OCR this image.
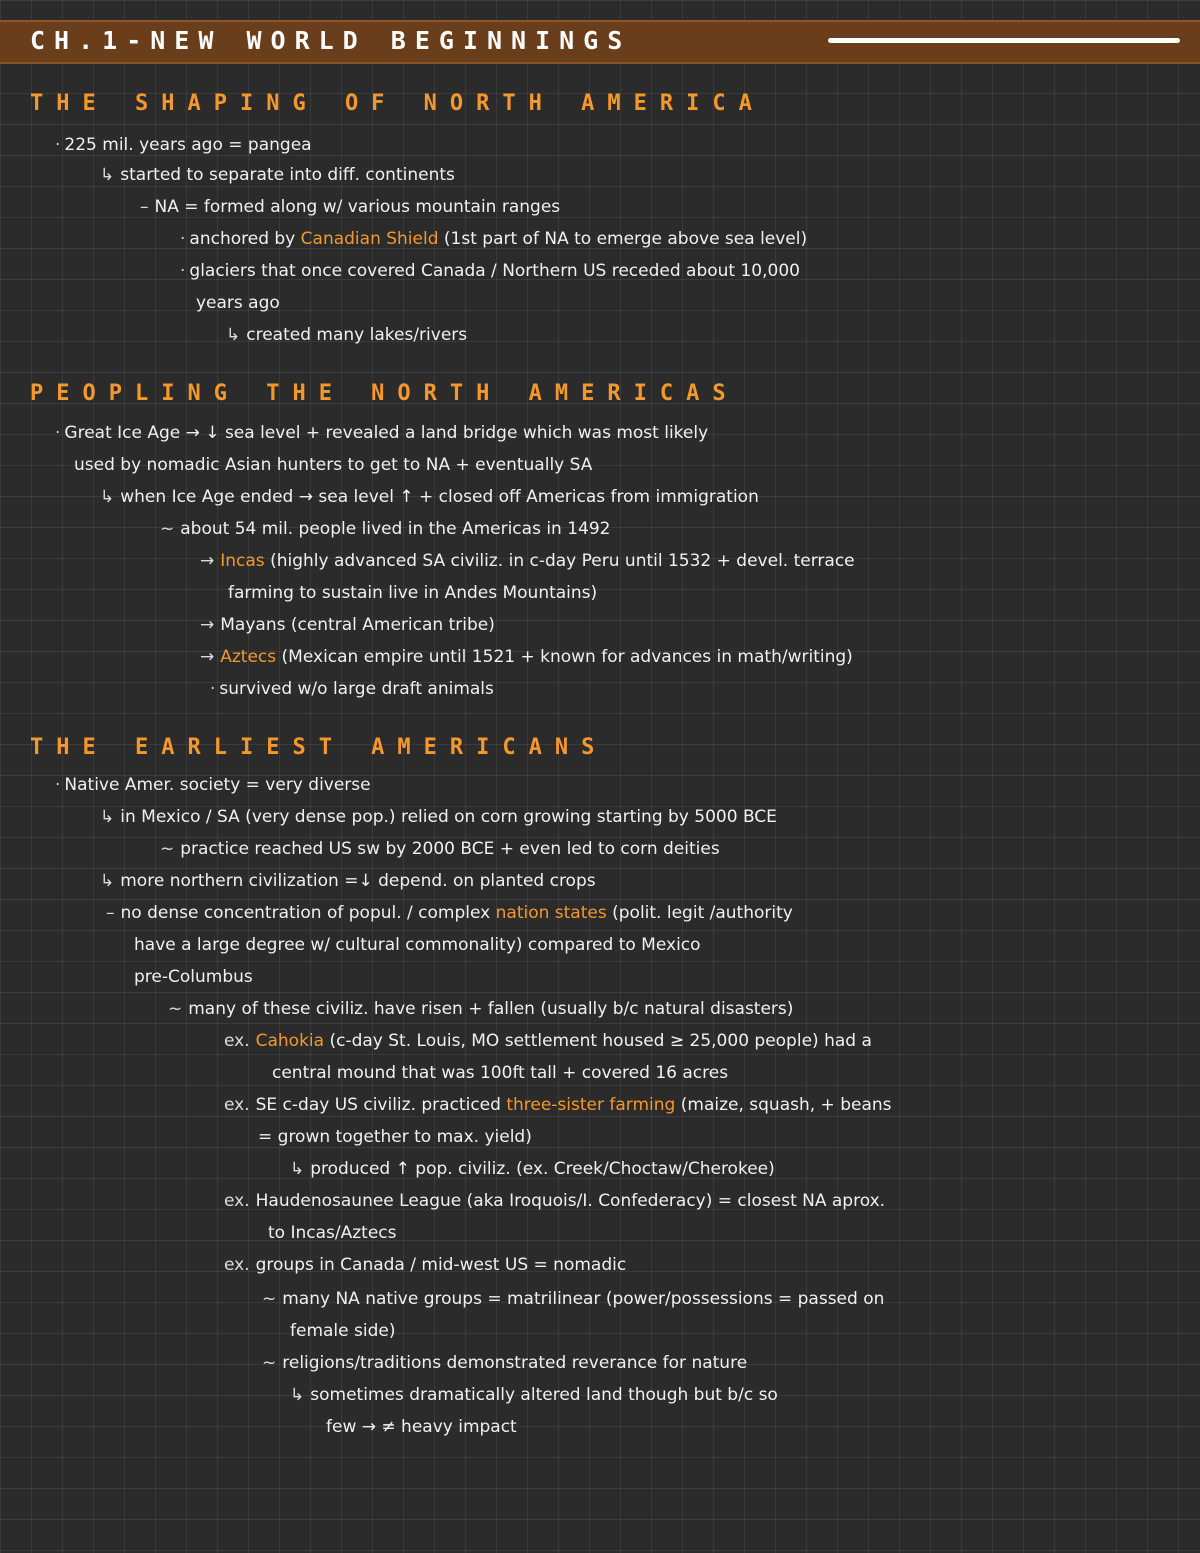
CH.1-NEW WORLD BEGINNINGS
THE SHAPING OF NORTH AMERICA
· 225 mil. years ago = pangea
↳ started to separate into diff. continents
– NA = formed along w/ various mountain ranges
· anchored by Canadian Shield (1st part of NA to emerge above sea level)
· glaciers that once covered Canada / Northern US receded about 10,000
years ago
↳ created many lakes/rivers
PEOPLING THE NORTH AMERICAS
· Great Ice Age → ↓ sea level + revealed a land bridge which was most likely
used by nomadic Asian hunters to get to NA + eventually SA
↳ when Ice Age ended → sea level ↑ + closed off Americas from immigration
~ about 54 mil. people lived in the Americas in 1492
→ Incas (highly advanced SA civiliz. in c-day Peru until 1532 + devel. terrace
farming to sustain live in Andes Mountains)
→ Mayans (central American tribe)
→ Aztecs (Mexican empire until 1521 + known for advances in math/writing)
· survived w/o large draft animals
THE EARLIEST AMERICANS
· Native Amer. society = very diverse
↳ in Mexico / SA (very dense pop.) relied on corn growing starting by 5000 BCE
~ practice reached US sw by 2000 BCE + even led to corn deities
↳ more northern civilization =↓ depend. on planted crops
– no dense concentration of popul. / complex nation states (polit. legit /authority
have a large degree w/ cultural commonality) compared to Mexico
pre-Columbus
~ many of these civiliz. have risen + fallen (usually b/c natural disasters)
ex. Cahokia (c-day St. Louis, MO settlement housed ≥ 25,000 people) had a
central mound that was 100ft tall + covered 16 acres
ex. SE c-day US civiliz. practiced three-sister farming (maize, squash, + beans
= grown together to max. yield)
↳ produced ↑ pop. civiliz. (ex. Creek/Choctaw/Cherokee)
ex. Haudenosaunee League (aka Iroquois/I. Confederacy) = closest NA aprox.
to Incas/Aztecs
ex. groups in Canada / mid-west US = nomadic
~ many NA native groups = matrilinear (power/possessions = passed on
female side)
~ religions/traditions demonstrated reverance for nature
↳ sometimes dramatically altered land though but b/c so
few → ≠ heavy impact
